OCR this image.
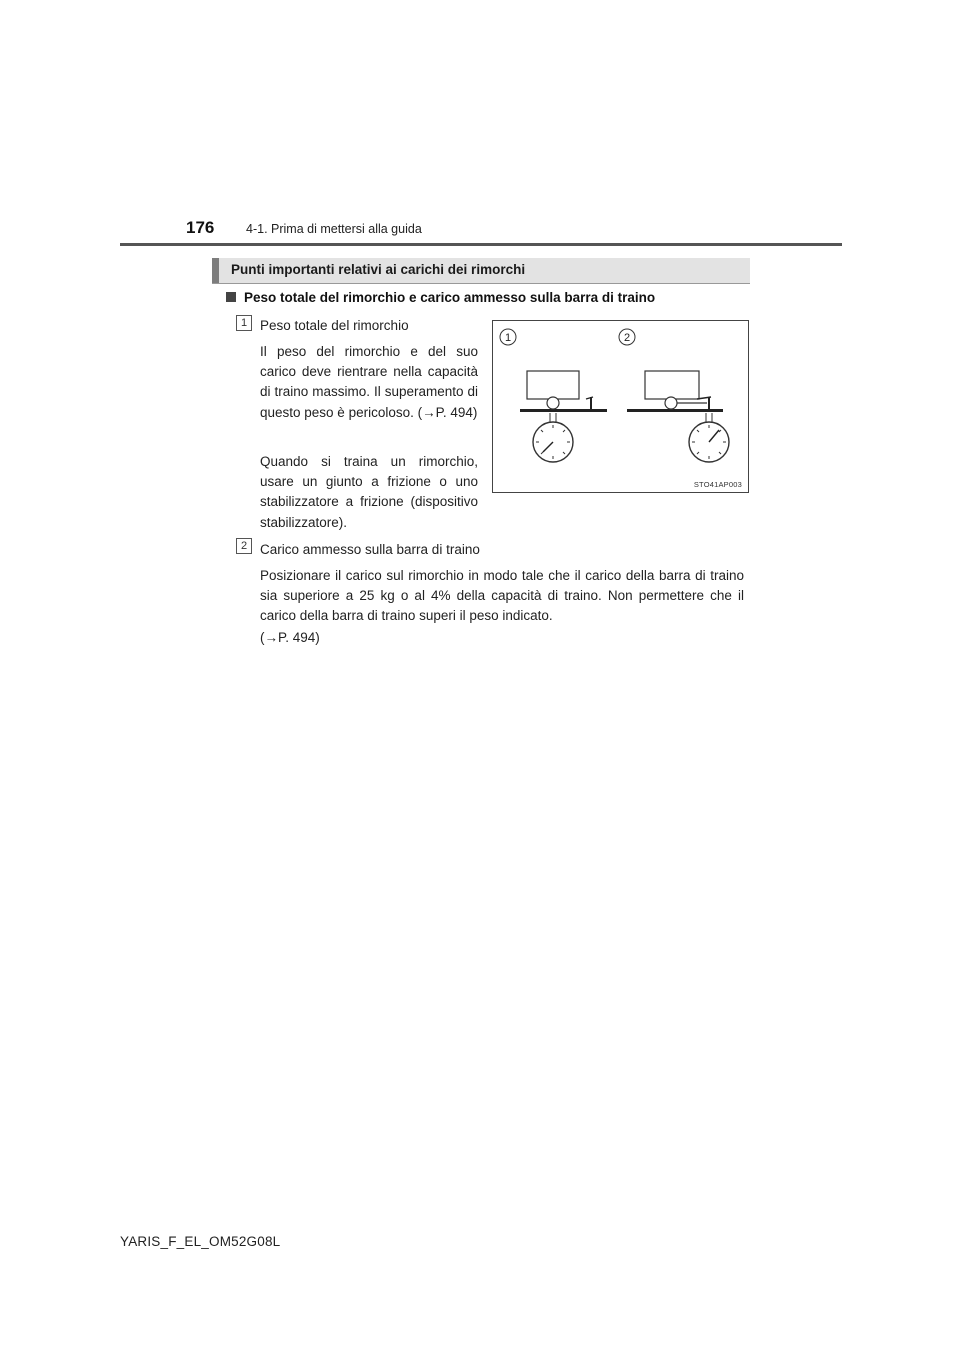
176	4-1. Prima di mettersi alla guida
Punti importanti relativi ai carichi dei rimorchi
Peso totale del rimorchio e carico ammesso sulla barra di traino
1 Peso totale del rimorchio
Il peso del rimorchio e del suo carico deve rientrare nella capacità di traino massimo. Il superamento di questo peso è pericoloso. (→P. 494)
Quando si traina un rimorchio, usare un giunto a frizione o uno stabilizzatore a frizione (dispositivo stabilizzatore).
1	2
STO41AP003
2 Carico ammesso sulla barra di traino
Posizionare il carico sul rimorchio in modo tale che il carico della barra di traino sia superiore a 25 kg o al 4% della capacità di traino. Non permettere che il carico della barra di traino superi il peso indicato.
(→P. 494)
YARIS_F_EL_OM52G08L
